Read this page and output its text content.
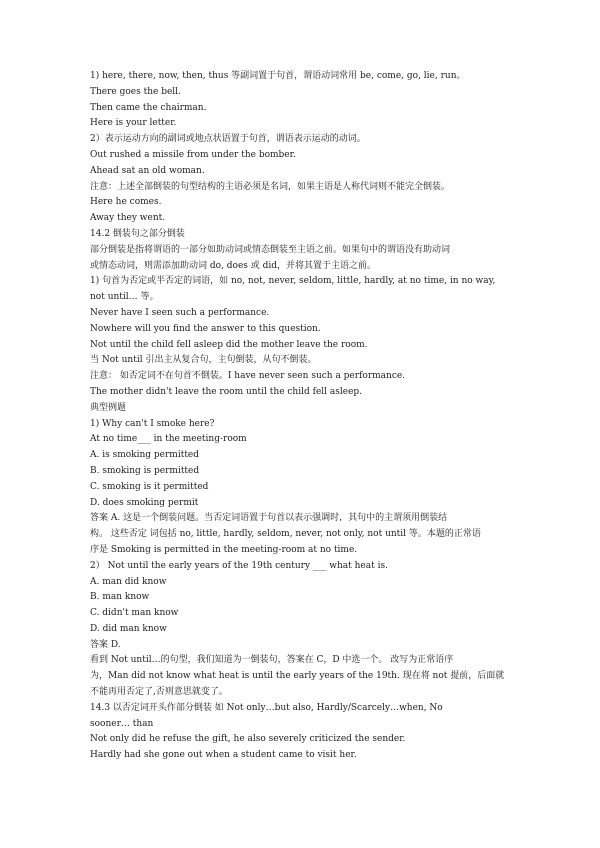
1) here, there, now, then, thus 等副词置于句首，谓语动词常用 be, come, go, lie, run。
There goes the bell.
Then came the chairman.
Here is your letter.
2）表示运动方向的副词或地点状语置于句首，谓语表示运动的动词。
Out rushed a missile from under the bomber.
Ahead sat an old woman.
注意：上述全部倒装的句型结构的主语必须是名词，如果主语是人称代词则不能完全倒装。
Here he comes.
Away they went.
14.2 倒装句之部分倒装
部分倒装是指将谓语的一部分如助动词或情态倒装至主语之前。如果句中的谓语没有助动词
或情态动词，则需添加助动词 do, does 或 did，并将其置于主语之前。
1) 句首为否定或半否定的词语，如 no, not, never, seldom, little, hardly, at no time, in no way,
not until… 等。
Never have I seen such a performance.
Nowhere will you find the answer to this question.
Not until the child fell asleep did the mother leave the room.
当 Not until 引出主从复合句，主句倒装，从句不倒装。
注意： 如否定词不在句首不倒装。I have never seen such a performance.
The mother didn't leave the room until the child fell asleep.
典型例题
1) Why can't I smoke here?
At no time___ in the meeting-room
A. is smoking permitted
B. smoking is permitted
C. smoking is it permitted
D. does smoking permit
答案 A. 这是一个倒装问题。当否定词语置于句首以表示强调时，其句中的主谓须用倒装结
构。 这些否定 词包括 no, little, hardly, seldom, never, not only, not until 等。本题的正常语
序是 Smoking is permitted in the meeting-room at no time.
2） Not until the early years of the 19th century ___ what heat is.
A. man did know
B. man know
C. didn't man know
D. did man know
答案 D.
看到 Not until…的句型，我们知道为一倒装句，答案在 C，D 中选一个。 改写为正常语序
为，Man did not know what heat is until the early years of the 19th. 现在将 not 提前，后面就
不能再用否定了,否则意思就变了。
14.3 以否定词开头作部分倒装 如 Not only…but also, Hardly/Scarcely…when, No
sooner… than
Not only did he refuse the gift, he also severely criticized the sender.
Hardly had she gone out when a student came to visit her.
